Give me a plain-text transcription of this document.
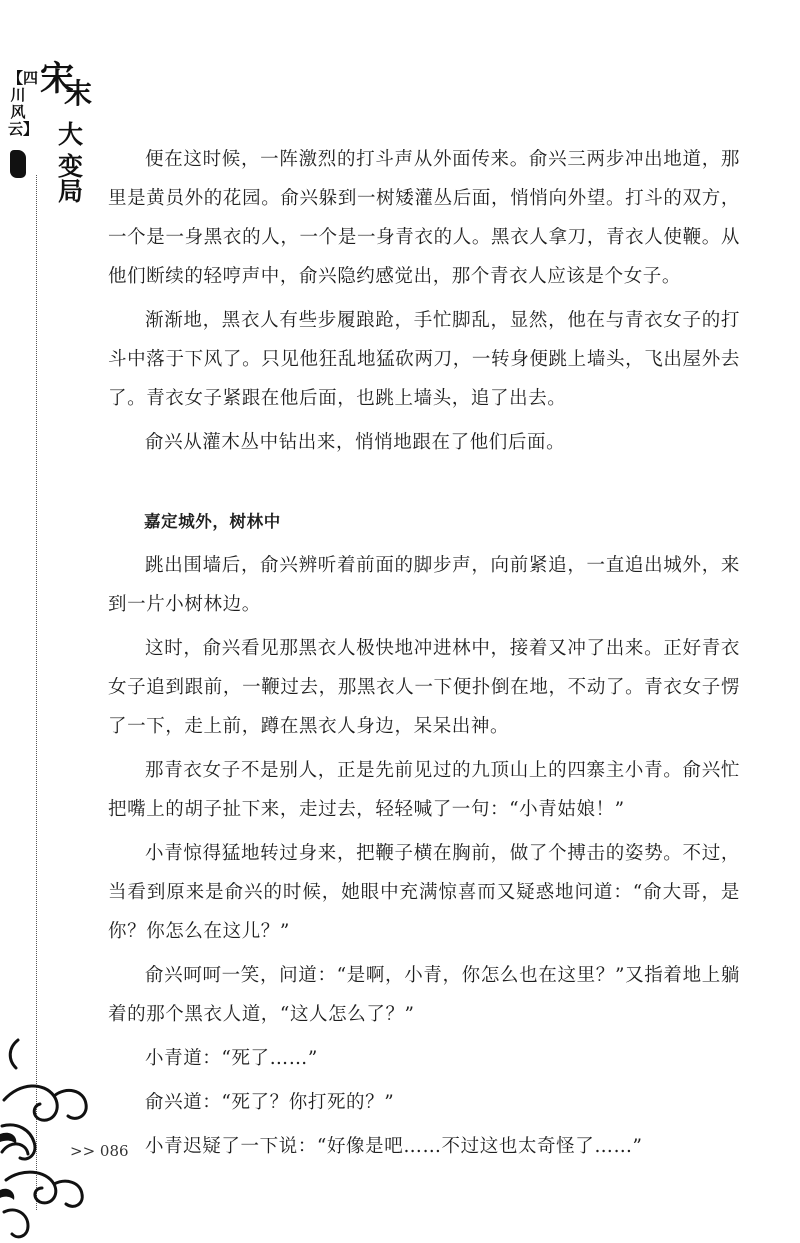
【四川风云】
宋
末
大
变局

便在这时候，一阵激烈的打斗声从外面传来。俞兴三两步冲出地道，那里是黄员外的花园。俞兴躲到一树矮灌丛后面，悄悄向外望。打斗的双方，一个是一身黑衣的人，一个是一身青衣的人。黑衣人拿刀，青衣人使鞭。从他们断续的轻哼声中，俞兴隐约感觉出，那个青衣人应该是个女子。

渐渐地，黑衣人有些步履踉跄，手忙脚乱，显然，他在与青衣女子的打斗中落于下风了。只见他狂乱地猛砍两刀，一转身便跳上墙头，飞出屋外去了。青衣女子紧跟在他后面，也跳上墙头，追了出去。

俞兴从灌木丛中钻出来，悄悄地跟在了他们后面。

嘉定城外，树林中

跳出围墙后，俞兴辨听着前面的脚步声，向前紧追，一直追出城外，来到一片小树林边。

这时，俞兴看见那黑衣人极快地冲进林中，接着又冲了出来。正好青衣女子追到跟前，一鞭过去，那黑衣人一下便扑倒在地，不动了。青衣女子愣了一下，走上前，蹲在黑衣人身边，呆呆出神。

那青衣女子不是别人，正是先前见过的九顶山上的四寨主小青。俞兴忙把嘴上的胡子扯下来，走过去，轻轻喊了一句：“小青姑娘！”

小青惊得猛地转过身来，把鞭子横在胸前，做了个搏击的姿势。不过，当看到原来是俞兴的时候，她眼中充满惊喜而又疑惑地问道：“俞大哥，是你？你怎么在这儿？”

俞兴呵呵一笑，问道：“是啊，小青，你怎么也在这里？”又指着地上躺着的那个黑衣人道，“这人怎么了？”

小青道：“死了……”

俞兴道：“死了？你打死的？”

小青迟疑了一下说：“好像是吧……不过这也太奇怪了……”

>> 086
